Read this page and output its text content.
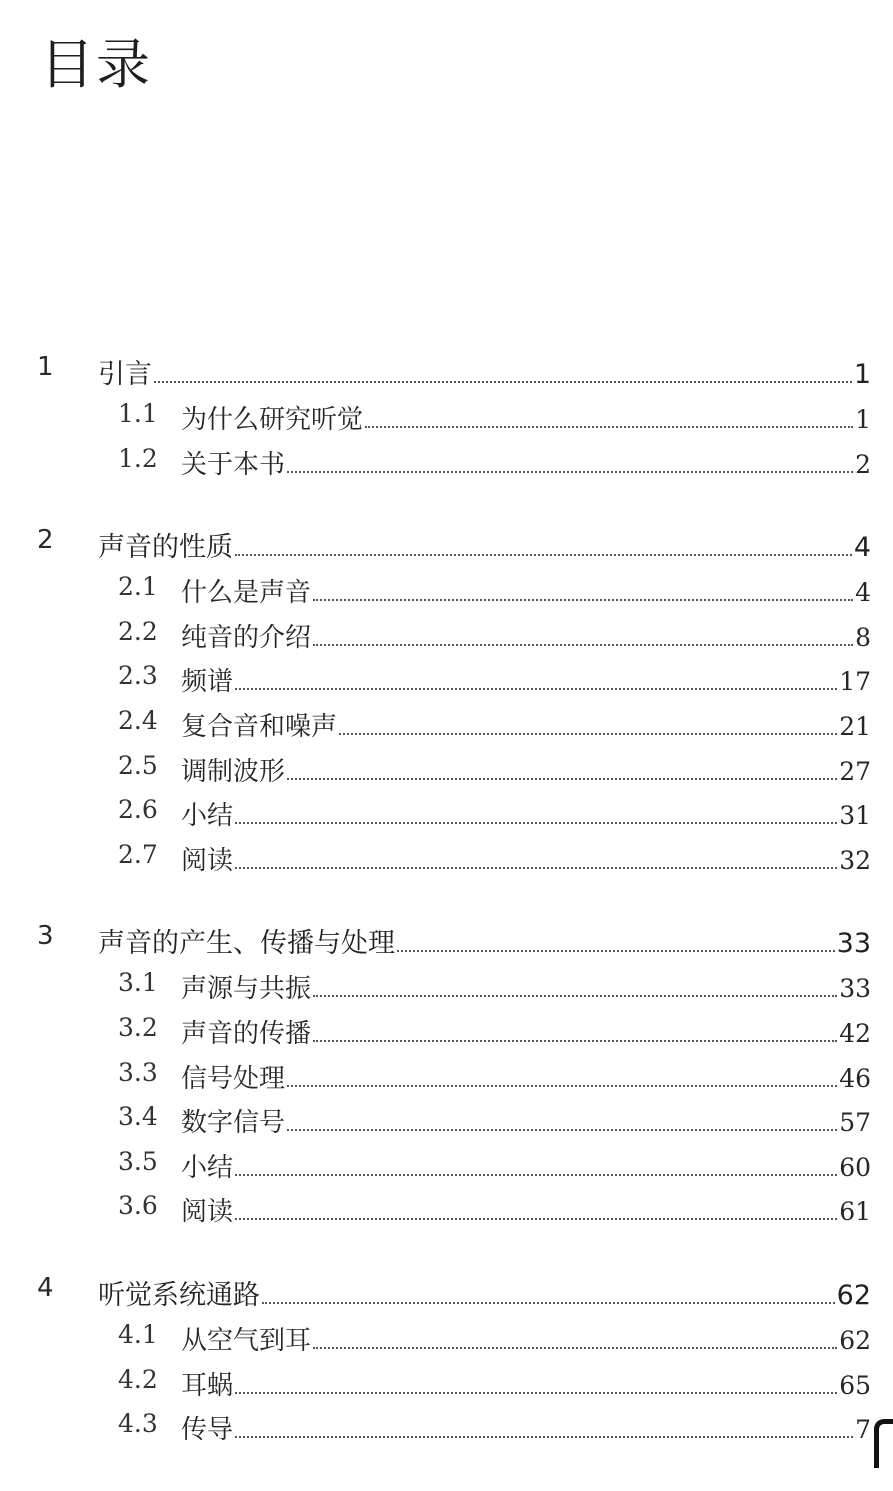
目录
1 引言	1
1.1 为什么研究听觉	1
1.2 关于本书	2
2 声音的性质	4
2.1 什么是声音	4
2.2 纯音的介绍	8
2.3 频谱	17
2.4 复合音和噪声	21
2.5 调制波形	27
2.6 小结	31
2.7 阅读	32
3 声音的产生、传播与处理	33
3.1 声源与共振	33
3.2 声音的传播	42
3.3 信号处理	46
3.4 数字信号	57
3.5 小结	60
3.6 阅读	61
4 听觉系统通路	62
4.1 从空气到耳	62
4.2 耳蜗	65
4.3 传导	7
